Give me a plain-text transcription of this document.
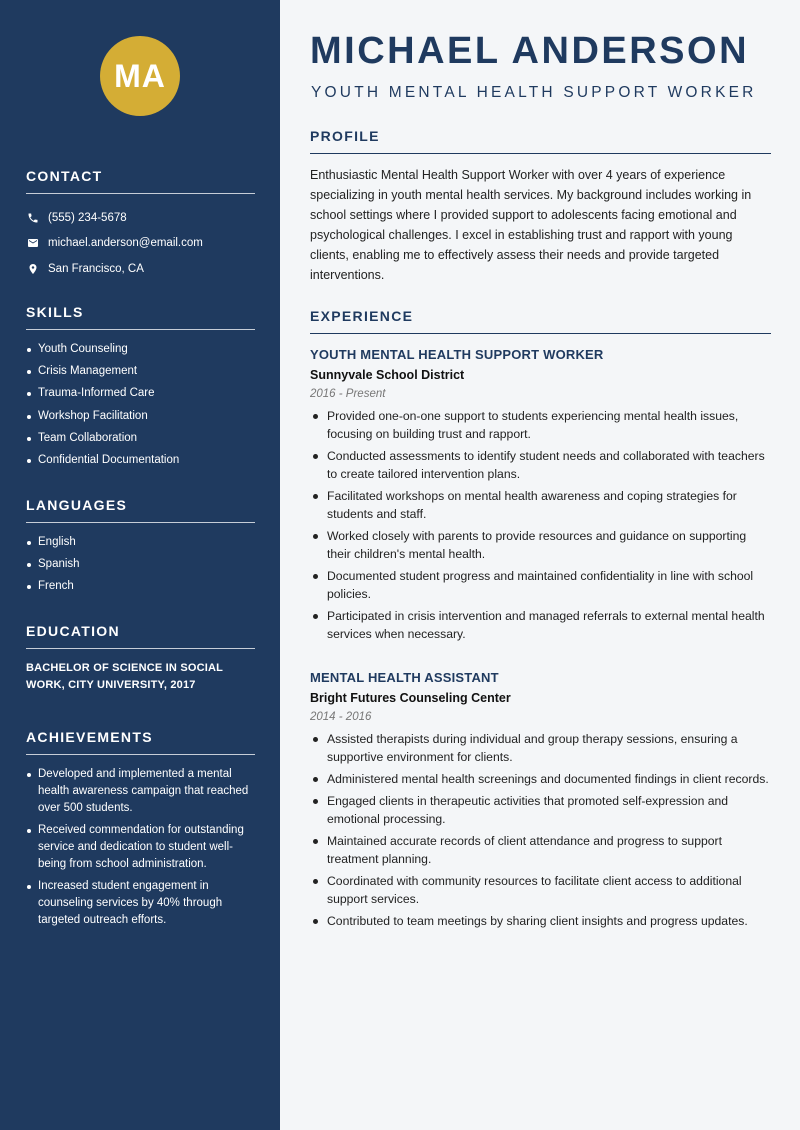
MA
CONTACT
(555) 234-5678
michael.anderson@email.com
San Francisco, CA
SKILLS
Youth Counseling
Crisis Management
Trauma-Informed Care
Workshop Facilitation
Team Collaboration
Confidential Documentation
LANGUAGES
English
Spanish
French
EDUCATION

BACHELOR OF SCIENCE IN SOCIAL WORK, CITY UNIVERSITY, 2017

ACHIEVEMENTS
Developed and implemented a mental health awareness campaign that reached over 500 students.
Received commendation for outstanding service and dedication to student well-being from school administration.
Increased student engagement in counseling services by 40% through targeted outreach efforts.
MICHAEL ANDERSON
YOUTH MENTAL HEALTH SUPPORT WORKER
PROFILE

Enthusiastic Mental Health Support Worker with over 4 years of experience specializing in youth mental health services. My background includes working in school settings where I provided support to adolescents facing emotional and psychological challenges. I excel in establishing trust and rapport with young clients, enabling me to effectively assess their needs and provide targeted interventions.

EXPERIENCE
YOUTH MENTAL HEALTH SUPPORT WORKER
Sunnyvale School District
2016 - Present
Provided one-on-one support to students experiencing mental health issues, focusing on building trust and rapport.
Conducted assessments to identify student needs and collaborated with teachers to create tailored intervention plans.
Facilitated workshops on mental health awareness and coping strategies for students and staff.
Worked closely with parents to provide resources and guidance on supporting their children's mental health.
Documented student progress and maintained confidentiality in line with school policies.
Participated in crisis intervention and managed referrals to external mental health services when necessary.
MENTAL HEALTH ASSISTANT
Bright Futures Counseling Center
2014 - 2016
Assisted therapists during individual and group therapy sessions, ensuring a supportive environment for clients.
Administered mental health screenings and documented findings in client records.
Engaged clients in therapeutic activities that promoted self-expression and emotional processing.
Maintained accurate records of client attendance and progress to support treatment planning.
Coordinated with community resources to facilitate client access to additional support services.
Contributed to team meetings by sharing client insights and progress updates.
